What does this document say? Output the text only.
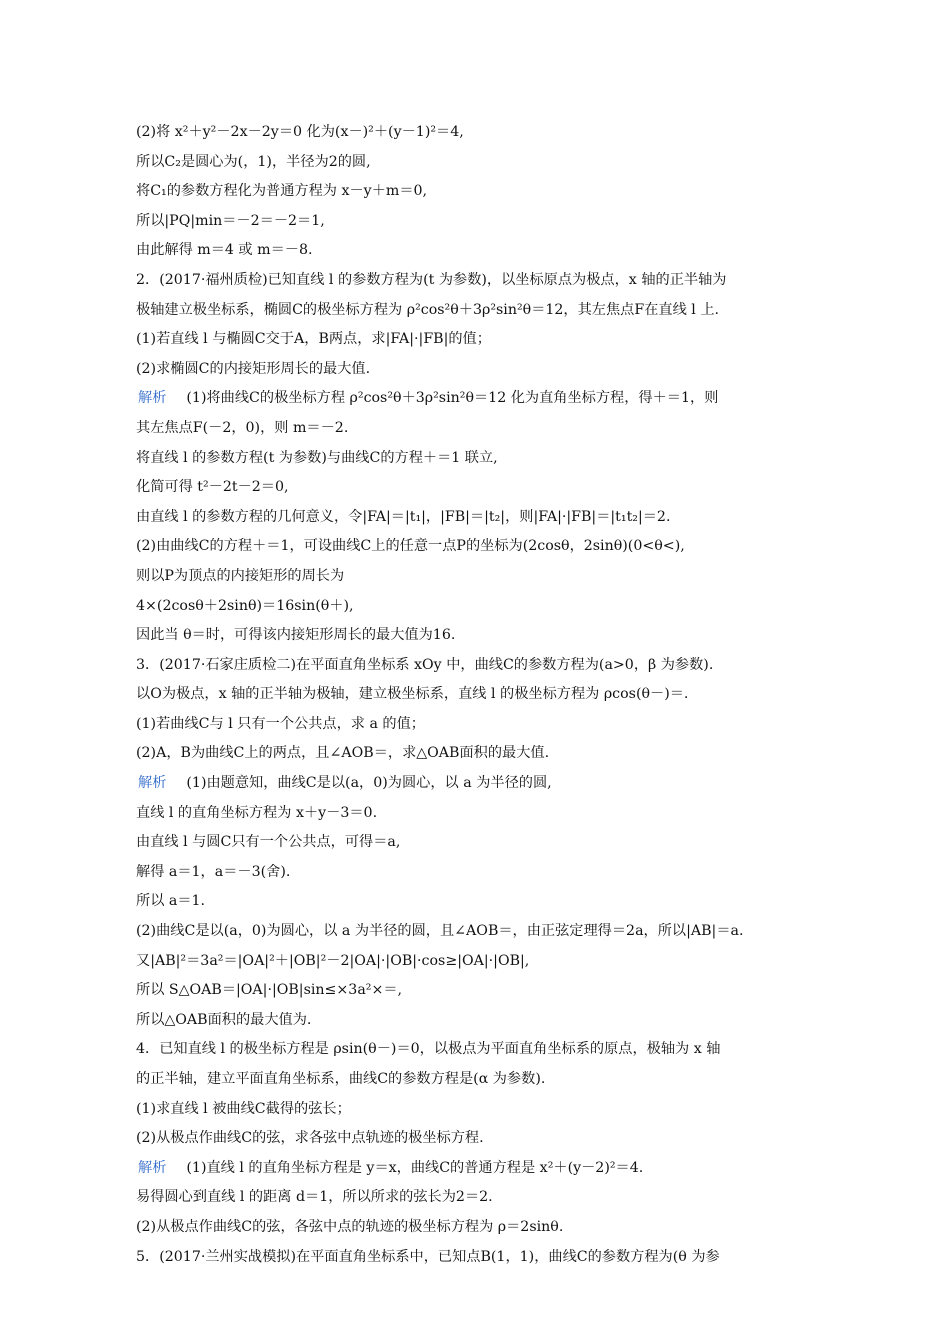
(2)将 x²＋y²－2x－2y＝0 化为(x－)²＋(y－1)²＝4,
所以C₂是圆心为(，1)，半径为2的圆,
将C₁的参数方程化为普通方程为 x－y＋m＝0,
所以|PQ|min＝－2＝－2＝1,
由此解得 m＝4 或 m＝－8.
2．(2017·福州质检)已知直线 l 的参数方程为(t 为参数)，以坐标原点为极点，x 轴的正半轴为
极轴建立极坐标系，椭圆C的极坐标方程为 ρ²cos²θ＋3ρ²sin²θ＝12，其左焦点F在直线 l 上.
(1)若直线 l 与椭圆C交于A，B两点，求|FA|·|FB|的值；
(2)求椭圆C的内接矩形周长的最大值.
解析 (1)将曲线C的极坐标方程 ρ²cos²θ＋3ρ²sin²θ＝12 化为直角坐标方程，得＋＝1，则
其左焦点F(－2，0)，则 m＝－2.
将直线 l 的参数方程(t 为参数)与曲线C的方程＋＝1 联立,
化简可得 t²－2t－2＝0,
由直线 l 的参数方程的几何意义，令|FA|＝|t₁|，|FB|＝|t₂|，则|FA|·|FB|＝|t₁t₂|＝2.
(2)由曲线C的方程＋＝1，可设曲线C上的任意一点P的坐标为(2cosθ，2sinθ)(0<θ<),
则以P为顶点的内接矩形的周长为
4×(2cosθ＋2sinθ)＝16sin(θ＋),
因此当 θ＝时，可得该内接矩形周长的最大值为16.
3．(2017·石家庄质检二)在平面直角坐标系 xOy 中，曲线C的参数方程为(a>0，β 为参数).
以O为极点，x 轴的正半轴为极轴，建立极坐标系，直线 l 的极坐标方程为 ρcos(θ－)＝.
(1)若曲线C与 l 只有一个公共点，求 a 的值；
(2)A，B为曲线C上的两点，且∠AOB＝，求△OAB面积的最大值.
解析 (1)由题意知，曲线C是以(a，0)为圆心，以 a 为半径的圆,
直线 l 的直角坐标方程为 x＋y－3＝0.
由直线 l 与圆C只有一个公共点，可得＝a,
解得 a＝1，a＝－3(舍).
所以 a＝1.
(2)曲线C是以(a，0)为圆心，以 a 为半径的圆，且∠AOB＝，由正弦定理得＝2a，所以|AB|＝a.
又|AB|²＝3a²＝|OA|²＋|OB|²－2|OA|·|OB|·cos≥|OA|·|OB|,
所以 S△OAB＝|OA|·|OB|sin≤×3a²×＝,
所以△OAB面积的最大值为.
4．已知直线 l 的极坐标方程是 ρsin(θ－)＝0，以极点为平面直角坐标系的原点，极轴为 x 轴
的正半轴，建立平面直角坐标系，曲线C的参数方程是(α 为参数).
(1)求直线 l 被曲线C截得的弦长；
(2)从极点作曲线C的弦，求各弦中点轨迹的极坐标方程.
解析 (1)直线 l 的直角坐标方程是 y＝x，曲线C的普通方程是 x²＋(y－2)²＝4.
易得圆心到直线 l 的距离 d＝1，所以所求的弦长为2＝2.
(2)从极点作曲线C的弦，各弦中点的轨迹的极坐标方程为 ρ＝2sinθ.
5．(2017·兰州实战模拟)在平面直角坐标系中，已知点B(1，1)，曲线C的参数方程为(θ 为参
